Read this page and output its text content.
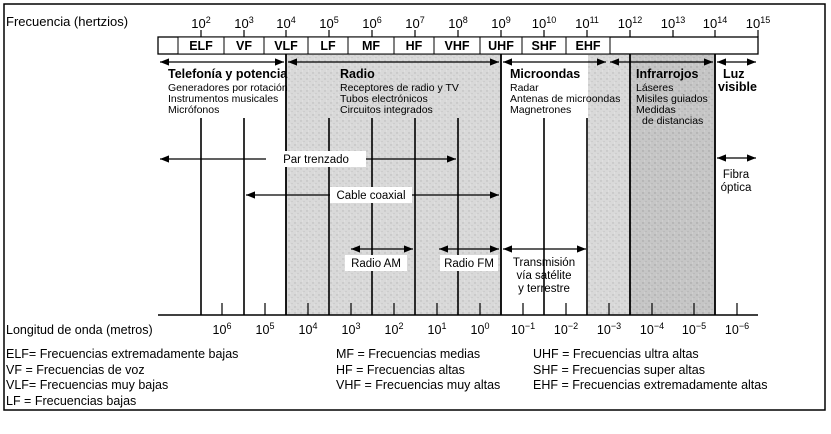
Frecuencia (hertzios)	$10^2$ $10^3$ $10^4$ $10^5$ $10^6$ $10^7$ $10^8$ $10^9$ $10^{10}$ $10^{11}$ $10^{12}$ $10^{13}$ $10^{14}$ $10^{15}$
ELF VF VLF LF MF HF VHF UHF SHF EHF
Telefonía y potencia
Generadores por rotación
Instrumentos musicales
Micrófonos
Radio
Receptores de radio y TV
Tubos electrónicos
Circuitos integrados
Microondas
Radar
Antenas de microondas
Magnetrones
Infrarrojos
Láseres
Misiles guiados
Medidas
de distancias
Luz
visible
Par trenzado
Cable coaxial
Radio AM	Radio FM Transmisión
vía satélite
y terrestre
Fibra
óptica
Longitud de onda (metros)	$10^6$ $10^5$ $10^4$ $10^3$ $10^2$ $10^1$ $10^0$ $10^{-1}$ $10^{-2}$ $10^{-3}$ $10^{-4}$ $10^{-5}$ $10^{-6}$
ELF= Frecuencias extremadamente bajas
VF = Frecuencias de voz
VLF= Frecuencias muy bajas
LF = Frecuencias bajas
MF = Frecuencias medias
HF = Frecuencias altas
VHF = Frecuencias muy altas
UHF = Frecuencias ultra altas
SHF = Frecuencias super altas
EHF = Frecuencias extremadamente altas
